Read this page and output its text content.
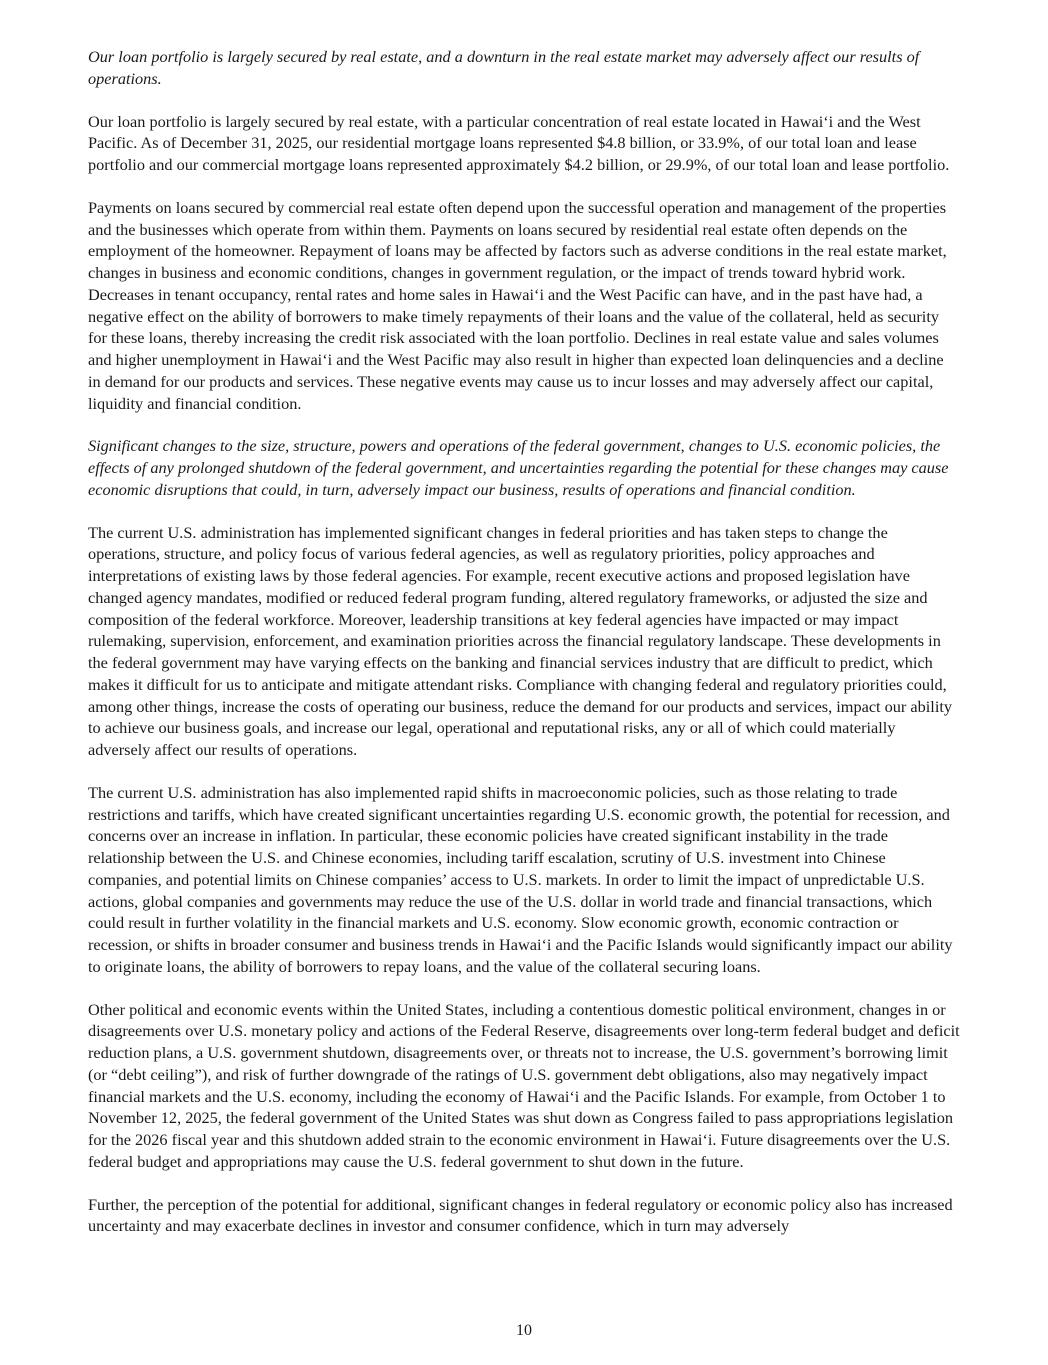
Our loan portfolio is largely secured by real estate, and a downturn in the real estate market may adversely affect our results of operations.

Our loan portfolio is largely secured by real estate, with a particular concentration of real estate located in Hawaiʻi and the West Pacific. As of December 31, 2025, our residential mortgage loans represented $4.8 billion, or 33.9%, of our total loan and lease portfolio and our commercial mortgage loans represented approximately $4.2 billion, or 29.9%, of our total loan and lease portfolio.

Payments on loans secured by commercial real estate often depend upon the successful operation and management of the properties and the businesses which operate from within them. Payments on loans secured by residential real estate often depends on the employment of the homeowner. Repayment of loans may be affected by factors such as adverse conditions in the real estate market, changes in business and economic conditions, changes in government regulation, or the impact of trends toward hybrid work. Decreases in tenant occupancy, rental rates and home sales in Hawaiʻi and the West Pacific can have, and in the past have had, a negative effect on the ability of borrowers to make timely repayments of their loans and the value of the collateral, held as security for these loans, thereby increasing the credit risk associated with the loan portfolio. Declines in real estate value and sales volumes and higher unemployment in Hawaiʻi and the West Pacific may also result in higher than expected loan delinquencies and a decline in demand for our products and services. These negative events may cause us to incur losses and may adversely affect our capital, liquidity and financial condition.

Significant changes to the size, structure, powers and operations of the federal government, changes to U.S. economic policies, the effects of any prolonged shutdown of the federal government, and uncertainties regarding the potential for these changes may cause economic disruptions that could, in turn, adversely impact our business, results of operations and financial condition.

The current U.S. administration has implemented significant changes in federal priorities and has taken steps to change the operations, structure, and policy focus of various federal agencies, as well as regulatory priorities, policy approaches and interpretations of existing laws by those federal agencies. For example, recent executive actions and proposed legislation have changed agency mandates, modified or reduced federal program funding, altered regulatory frameworks, or adjusted the size and composition of the federal workforce. Moreover, leadership transitions at key federal agencies have impacted or may impact rulemaking, supervision, enforcement, and examination priorities across the financial regulatory landscape. These developments in the federal government may have varying effects on the banking and financial services industry that are difficult to predict, which makes it difficult for us to anticipate and mitigate attendant risks. Compliance with changing federal and regulatory priorities could, among other things, increase the costs of operating our business, reduce the demand for our products and services, impact our ability to achieve our business goals, and increase our legal, operational and reputational risks, any or all of which could materially adversely affect our results of operations.

The current U.S. administration has also implemented rapid shifts in macroeconomic policies, such as those relating to trade restrictions and tariffs, which have created significant uncertainties regarding U.S. economic growth, the potential for recession, and concerns over an increase in inflation. In particular, these economic policies have created significant instability in the trade relationship between the U.S. and Chinese economies, including tariff escalation, scrutiny of U.S. investment into Chinese companies, and potential limits on Chinese companies’ access to U.S. markets. In order to limit the impact of unpredictable U.S. actions, global companies and governments may reduce the use of the U.S. dollar in world trade and financial transactions, which could result in further volatility in the financial markets and U.S. economy. Slow economic growth, economic contraction or recession, or shifts in broader consumer and business trends in Hawaiʻi and the Pacific Islands would significantly impact our ability to originate loans, the ability of borrowers to repay loans, and the value of the collateral securing loans.

Other political and economic events within the United States, including a contentious domestic political environment, changes in or disagreements over U.S. monetary policy and actions of the Federal Reserve, disagreements over long-term federal budget and deficit reduction plans, a U.S. government shutdown, disagreements over, or threats not to increase, the U.S. government’s borrowing limit (or “debt ceiling”), and risk of further downgrade of the ratings of U.S. government debt obligations, also may negatively impact financial markets and the U.S. economy, including the economy of Hawaiʻi and the Pacific Islands. For example, from October 1 to November 12, 2025, the federal government of the United States was shut down as Congress failed to pass appropriations legislation for the 2026 fiscal year and this shutdown added strain to the economic environment in Hawaiʻi. Future disagreements over the U.S. federal budget and appropriations may cause the U.S. federal government to shut down in the future.

Further, the perception of the potential for additional, significant changes in federal regulatory or economic policy also has increased uncertainty and may exacerbate declines in investor and consumer confidence, which in turn may adversely

10
